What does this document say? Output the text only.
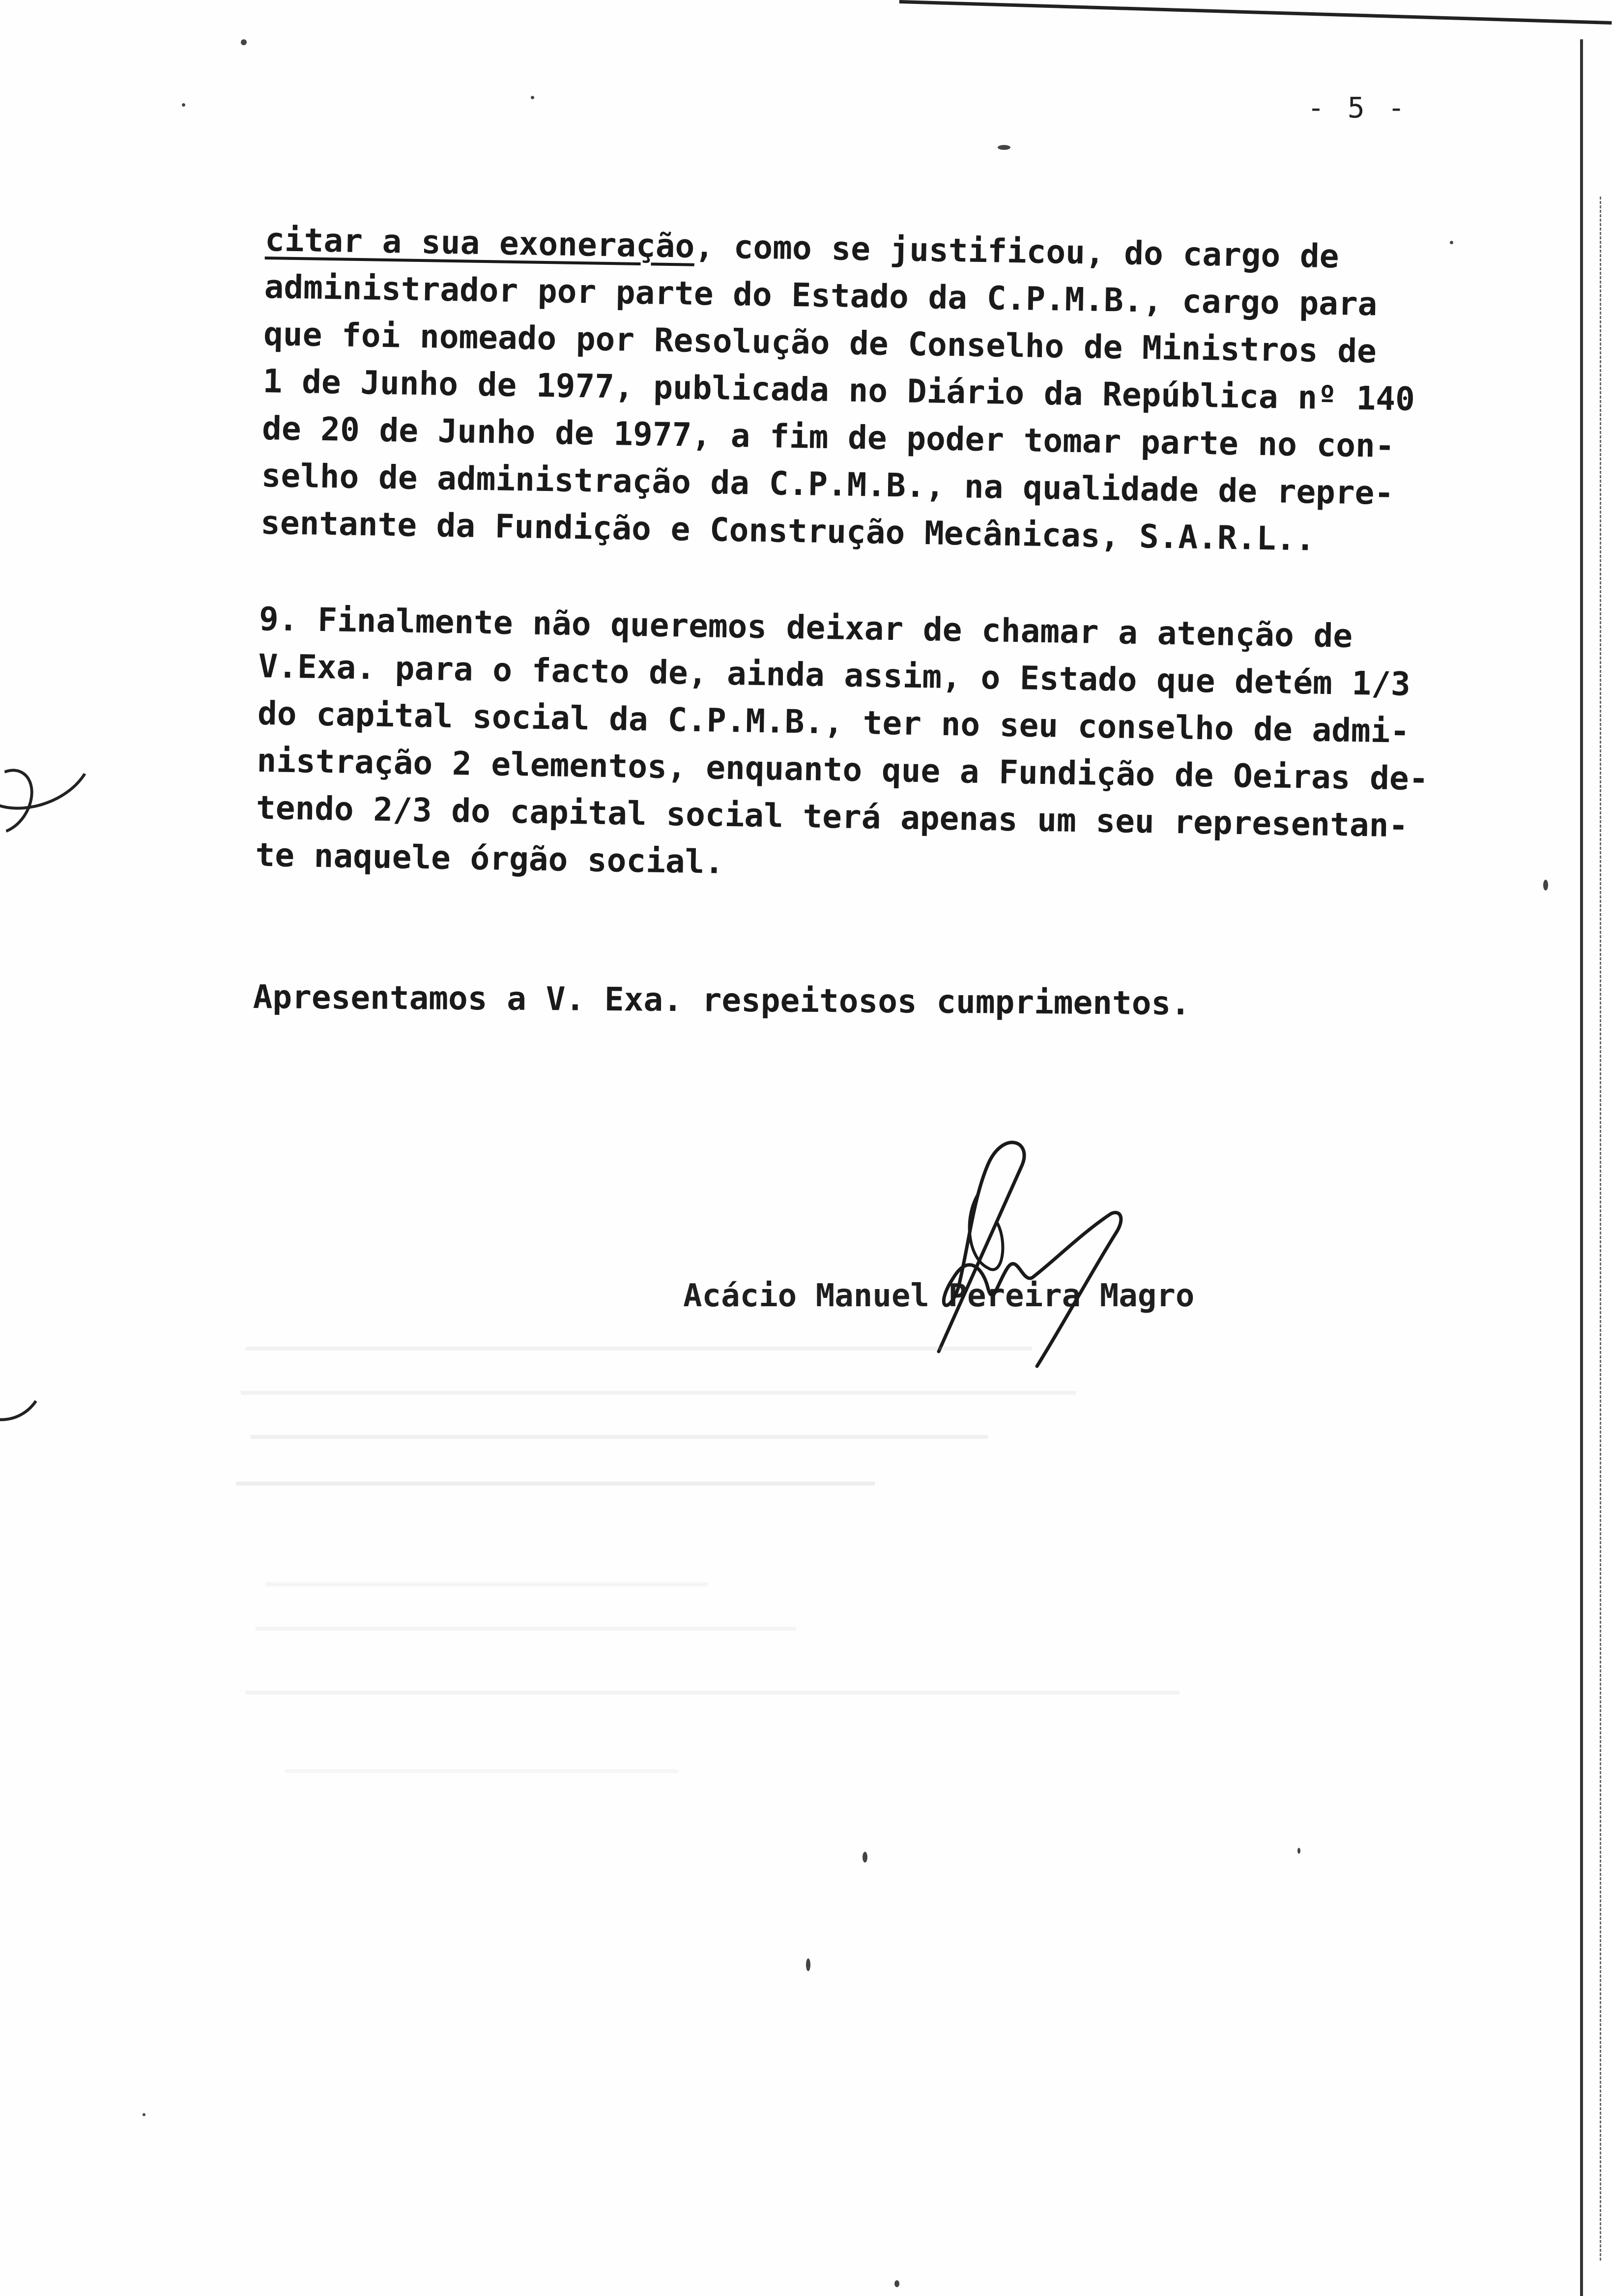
- 5 -

citar a sua exoneração, como se justificou, do cargo de
administrador por parte do Estado da C.P.M.B., cargo para
que foi nomeado por Resolução de Conselho de Ministros de
1 de Junho de 1977, publicada no Diário da República nº 140
de 20 de Junho de 1977, a fim de poder tomar parte no con-
selho de administração da C.P.M.B., na qualidade de repre-
sentante da Fundição e Construção Mecânicas, S.A.R.L..

9. Finalmente não queremos deixar de chamar a atenção de
V.Exa. para o facto de, ainda assim, o Estado que detém 1/3
do capital social da C.P.M.B., ter no seu conselho de admi-
nistração 2 elementos, enquanto que a Fundição de Oeiras de-
tendo 2/3 do capital social terá apenas um seu representan-
te naquele órgão social.

Apresentamos a V. Exa. respeitosos cumprimentos.
Acácio Manuel Pereira Magro
